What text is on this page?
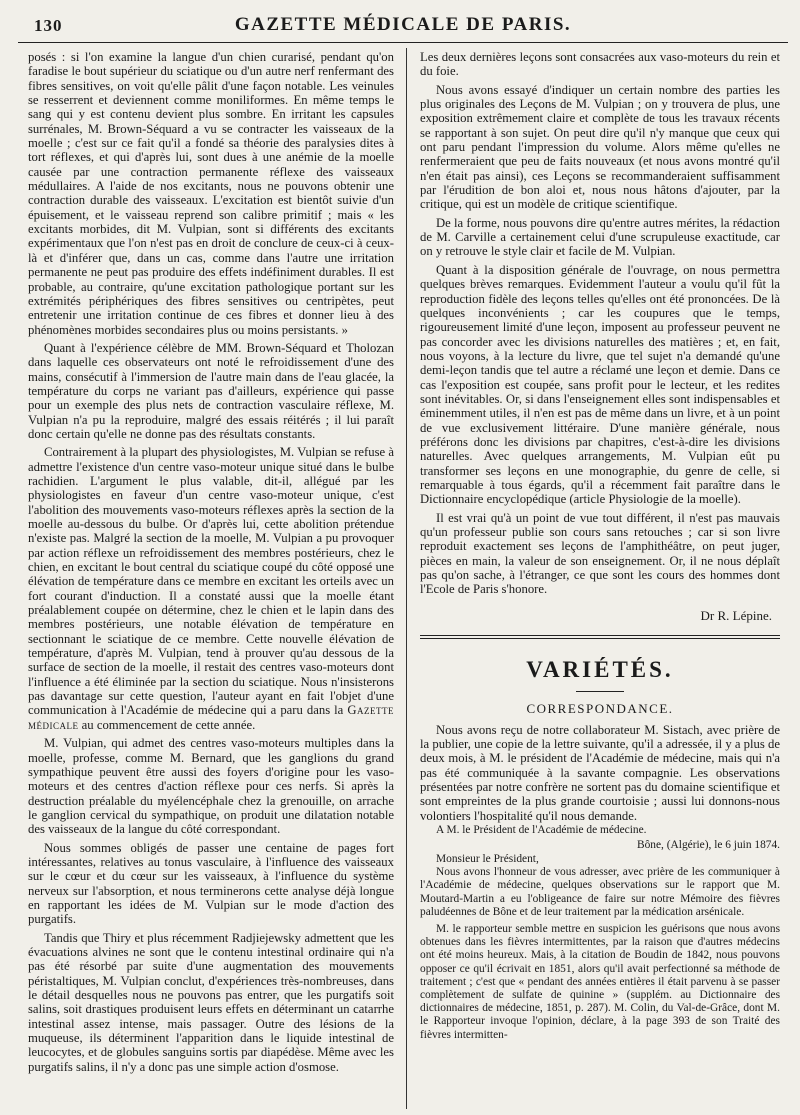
130	GAZETTE MÉDICALE DE PARIS.

posés : si l'on examine la langue d'un chien curarisé, pendant qu'on faradise le bout supérieur du sciatique ou d'un autre nerf renfermant des fibres sensitives, on voit qu'elle pâlit d'une façon notable. Les veinules se resserrent et deviennent comme moniliformes. En même temps le sang qui y est contenu devient plus sombre. En irritant les capsules surrénales, M. Brown-Séquard a vu se contracter les vaisseaux de la moelle ; c'est sur ce fait qu'il a fondé sa théorie des paralysies dites à tort réflexes, et qui d'après lui, sont dues à une anémie de la moelle causée par une contraction permanente réflexe des vaisseaux médullaires. A l'aide de nos excitants, nous ne pouvons obtenir une contraction durable des vaisseaux. L'excitation est bientôt suivie d'un épuisement, et le vaisseau reprend son calibre primitif ; mais « les excitants morbides, dit M. Vulpian, sont si différents des excitants expérimentaux que l'on n'est pas en droit de conclure de ceux-ci à ceux-là et d'inférer que, dans un cas, comme dans l'autre une irritation permanente ne peut pas produire des effets indéfiniment durables. Il est probable, au contraire, qu'une excitation pathologique portant sur les extrémités périphériques des fibres sensitives ou centripètes, peut entretenir une irritation continue de ces fibres et donner lieu à des phénomènes morbides secondaires plus ou moins persistants. »

Quant à l'expérience célèbre de MM. Brown-Séquard et Tholozan dans laquelle ces observateurs ont noté le refroidissement d'une des mains, consécutif à l'immersion de l'autre main dans de l'eau glacée, la température du corps ne variant pas d'ailleurs, expérience qui passe pour un exemple des plus nets de contraction vasculaire réflexe, M. Vulpian n'a pu la reproduire, malgré des essais réitérés ; il lui paraît donc certain qu'elle ne donne pas des résultats constants.

Contrairement à la plupart des physiologistes, M. Vulpian se refuse à admettre l'existence d'un centre vaso-moteur unique situé dans le bulbe rachidien. L'argument le plus valable, dit-il, allégué par les physiologistes en faveur d'un centre vaso-moteur unique, c'est l'abolition des mouvements vaso-moteurs réflexes après la section de la moelle au-dessous du bulbe. Or d'après lui, cette abolition prétendue n'existe pas. Malgré la section de la moelle, M. Vulpian a pu provoquer par action réflexe un refroidissement des membres postérieurs, chez le chien, en excitant le bout central du sciatique coupé du côté opposé une élévation de température dans ce membre en excitant les orteils avec un fort courant d'induction. Il a constaté aussi que la moelle étant préalablement coupée on détermine, chez le chien et le lapin dans des membres postérieurs, une notable élévation de température en sectionnant le sciatique de ce membre. Cette nouvelle élévation de température, d'après M. Vulpian, tend à prouver qu'au dessous de la surface de section de la moelle, il restait des centres vaso-moteurs dont l'influence a été éliminée par la section du sciatique. Nous n'insisterons pas davantage sur cette question, l'auteur ayant en fait l'objet d'une communication à l'Académie de médecine qui a paru dans la Gazette médicale au commencement de cette année.

M. Vulpian, qui admet des centres vaso-moteurs multiples dans la moelle, professe, comme M. Bernard, que les ganglions du grand sympathique peuvent être aussi des foyers d'origine pour les vaso-moteurs et des centres d'action réflexe pour ces nerfs. Si après la destruction préalable du myélencéphale chez la grenouille, on arrache le ganglion cervical du sympathique, on produit une dilatation notable des vaisseaux de la langue du côté correspondant.

Nous sommes obligés de passer une centaine de pages fort intéressantes, relatives au tonus vasculaire, à l'influence des vaisseaux sur le cœur et du cœur sur les vaisseaux, à l'influence du système nerveux sur l'absorption, et nous terminerons cette analyse déjà longue en rapportant les idées de M. Vulpian sur le mode d'action des purgatifs.

Tandis que Thiry et plus récemment Radjiejewsky admettent que les évacuations alvines ne sont que le contenu intestinal ordinaire qui n'a pas été résorbé par suite d'une augmentation des mouvements péristaltiques, M. Vulpian conclut, d'expériences très-nombreuses, dans le détail desquelles nous ne pouvons pas entrer, que les purgatifs soit salins, soit drastiques produisent leurs effets en déterminant un catarrhe intestinal assez intense, mais passager. Outre des lésions de la muqueuse, ils déterminent l'apparition dans le liquide intestinal de leucocytes, et de globules sanguins sortis par diapédèse. Même avec les purgatifs salins, il n'y a donc pas une simple action d'osmose.

Les deux dernières leçons sont consacrées aux vaso-moteurs du rein et du foie.

Nous avons essayé d'indiquer un certain nombre des parties les plus originales des Leçons de M. Vulpian ; on y trouvera de plus, une exposition extrêmement claire et complète de tous les travaux récents se rapportant à son sujet. On peut dire qu'il n'y manque que ceux qui ont paru pendant l'impression du volume. Alors même qu'elles ne renfermeraient que peu de faits nouveaux (et nous avons montré qu'il n'en était pas ainsi), ces Leçons se recommanderaient suffisamment par l'érudition de bon aloi et, nous nous hâtons d'ajouter, par la critique, qui est un modèle de critique scientifique.

De la forme, nous pouvons dire qu'entre autres mérites, la rédaction de M. Carville a certainement celui d'une scrupuleuse exactitude, car on y retrouve le style clair et facile de M. Vulpian.

Quant à la disposition générale de l'ouvrage, on nous permettra quelques brèves remarques. Evidemment l'auteur a voulu qu'il fût la reproduction fidèle des leçons telles qu'elles ont été prononcées. De là quelques inconvénients ; car les coupures que le temps, rigoureusement limité d'une leçon, imposent au professeur peuvent ne pas concorder avec les divisions naturelles des matières ; et, en fait, nous voyons, à la lecture du livre, que tel sujet n'a demandé qu'une demi-leçon tandis que tel autre a réclamé une leçon et demie. Dans ce cas l'exposition est coupée, sans profit pour le lecteur, et les redites sont inévitables. Or, si dans l'enseignement elles sont indispensables et éminemment utiles, il n'en est pas de même dans un livre, et à un point de vue exclusivement littéraire. D'une manière générale, nous préférons donc les divisions par chapitres, c'est-à-dire les divisions naturelles. Avec quelques arrangements, M. Vulpian eût pu transformer ses leçons en une monographie, du genre de celle, si remarquable à tous égards, qu'il a récemment fait paraître dans le Dictionnaire encyclopédique (article Physiologie de la moelle).

Il est vrai qu'à un point de vue tout différent, il n'est pas mauvais qu'un professeur publie son cours sans retouches ; car si son livre reproduit exactement ses leçons de l'amphithéâtre, on peut juger, pièces en main, la valeur de son enseignement. Or, il ne nous déplaît pas qu'on sache, à l'étranger, ce que sont les cours des hommes dont l'Ecole de Paris s'honore.

Dr R. Lépine.
VARIÉTÉS.
CORRESPONDANCE.

Nous avons reçu de notre collaborateur M. Sistach, avec prière de la publier, une copie de la lettre suivante, qu'il a adressée, il y a plus de deux mois, à M. le président de l'Académie de médecine, mais qui n'a pas été communiquée à la savante compagnie. Les observations présentées par notre confrère ne sortent pas du domaine scientifique et sont empreintes de la plus grande courtoisie ; aussi lui donnons-nous volontiers l'hospitalité qu'il nous demande.

A M. le Président de l'Académie de médecine.

Bône, (Algérie), le 6 juin 1874.

Monsieur le Président,

Nous avons l'honneur de vous adresser, avec prière de les communiquer à l'Académie de médecine, quelques observations sur le rapport que M. Moutard-Martin a eu l'obligeance de faire sur notre Mémoire des fièvres paludéennes de Bône et de leur traitement par la médication arsénicale.

M. le rapporteur semble mettre en suspicion les guérisons que nous avons obtenues dans les fièvres intermittentes, par la raison que d'autres médecins ont été moins heureux. Mais, à la citation de Boudin de 1842, nous pouvons opposer ce qu'il écrivait en 1851, alors qu'il avait perfectionné sa méthode de traitement ; c'est que « pendant des années entières il était parvenu à se passer complètement de sulfate de quinine » (supplém. au Dictionnaire des dictionnaires de médecine, 1851, p. 287). M. Colin, du Val-de-Grâce, dont M. le Rapporteur invoque l'opinion, déclare, à la page 393 de son Traité des fièvres intermitten-
